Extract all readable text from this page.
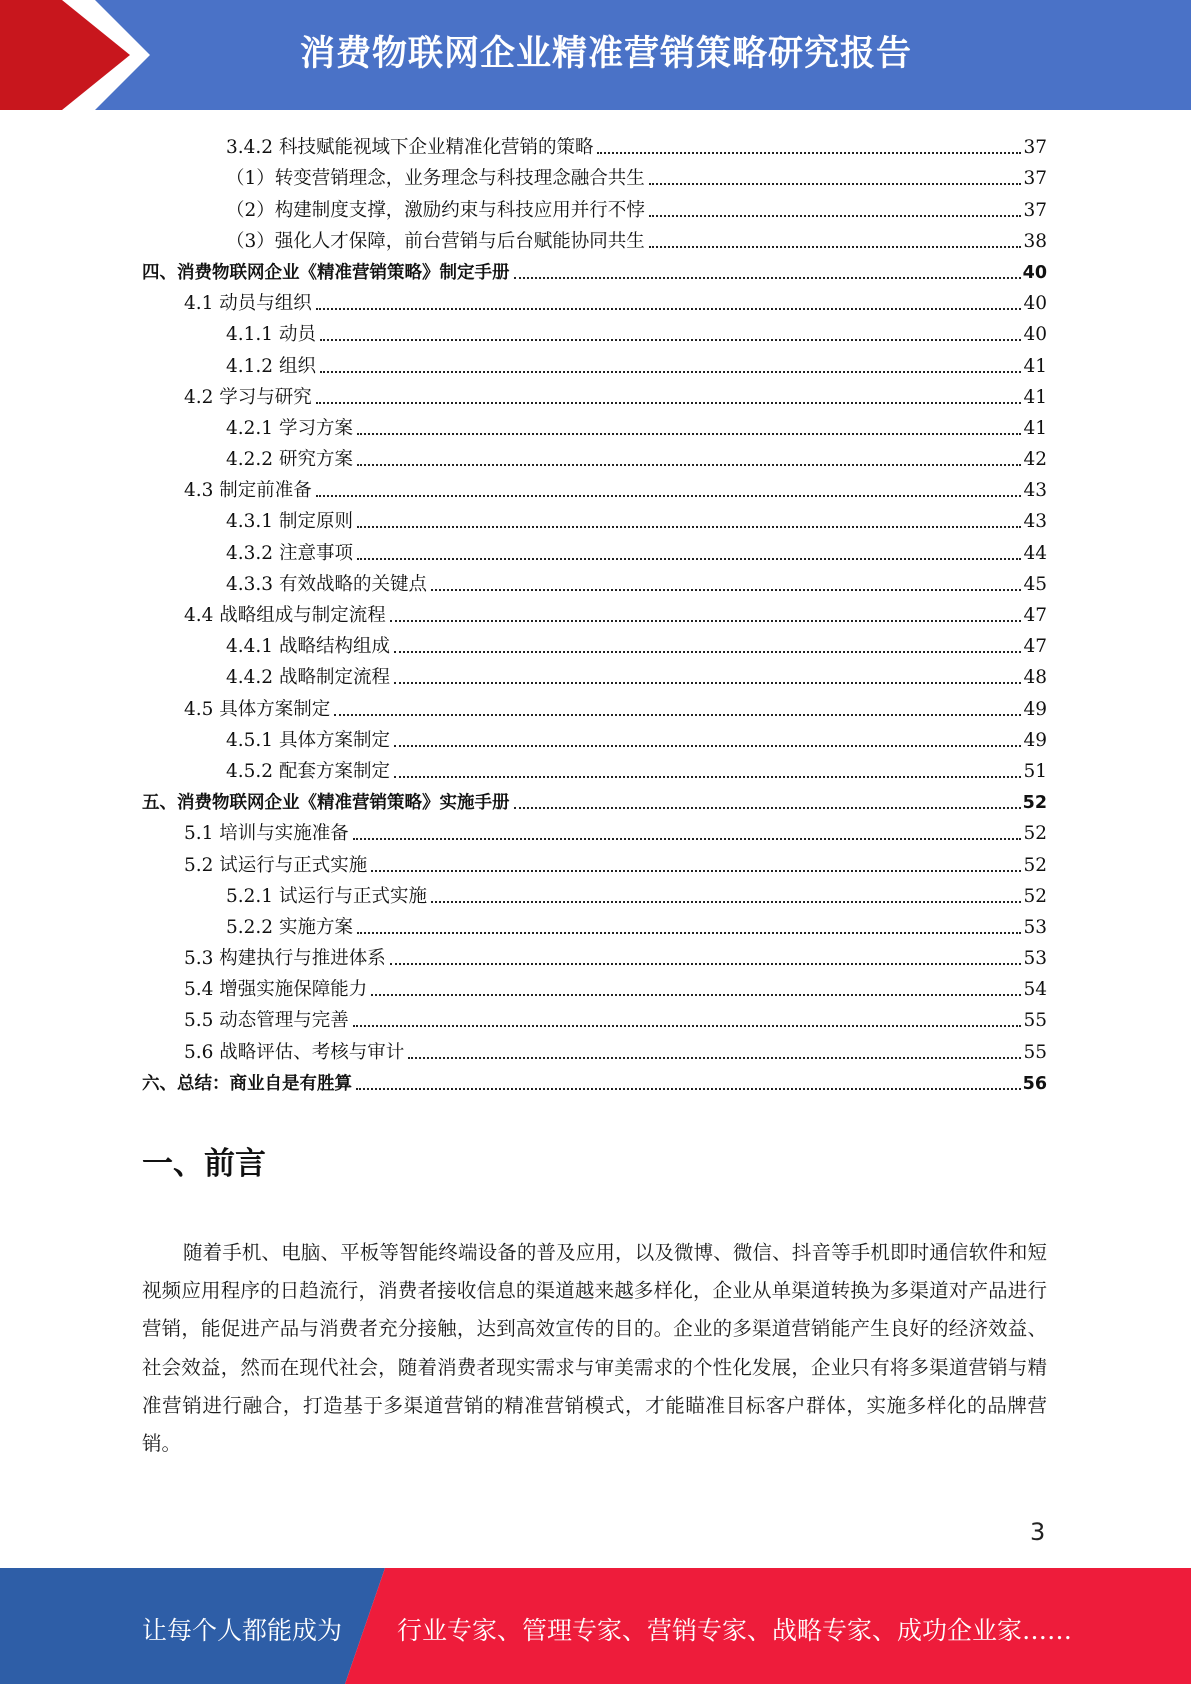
消费物联网企业精准营销策略研究报告
3.4.2 科技赋能视域下企业精准化营销的策略	37
（1）转变营销理念，业务理念与科技理念融合共生	37
（2）构建制度支撑，激励约束与科技应用并行不悖	37
（3）强化人才保障，前台营销与后台赋能协同共生	38
四、消费物联网企业《精准营销策略》制定手册	40
4.1 动员与组织	40
4.1.1 动员	40
4.1.2 组织	41
4.2 学习与研究	41
4.2.1 学习方案	41
4.2.2 研究方案	42
4.3 制定前准备	43
4.3.1 制定原则	43
4.3.2 注意事项	44
4.3.3 有效战略的关键点	45
4.4 战略组成与制定流程	47
4.4.1 战略结构组成	47
4.4.2 战略制定流程	48
4.5 具体方案制定	49
4.5.1 具体方案制定	49
4.5.2 配套方案制定	51
五、消费物联网企业《精准营销策略》实施手册	52
5.1 培训与实施准备	52
5.2 试运行与正式实施	52
5.2.1 试运行与正式实施	52
5.2.2 实施方案	53
5.3 构建执行与推进体系	53
5.4 增强实施保障能力	54
5.5 动态管理与完善	55
5.6 战略评估、考核与审计	55
六、总结：商业自是有胜算	56
一、前言
随着手机、电脑、平板等智能终端设备的普及应用，以及微博、微信、抖音等手机即时通信软件和短视频应用程序的日趋流行，消费者接收信息的渠道越来越多样化，企业从单渠道转换为多渠道对产品进行营销，能促进产品与消费者充分接触，达到高效宣传的目的。企业的多渠道营销能产生良好的经济效益、社会效益，然而在现代社会，随着消费者现实需求与审美需求的个性化发展，企业只有将多渠道营销与精准营销进行融合，打造基于多渠道营销的精准营销模式，才能瞄准目标客户群体，实施多样化的品牌营销。
3
让每个人都能成为 行业专家、管理专家、营销专家、战略专家、成功企业家……
